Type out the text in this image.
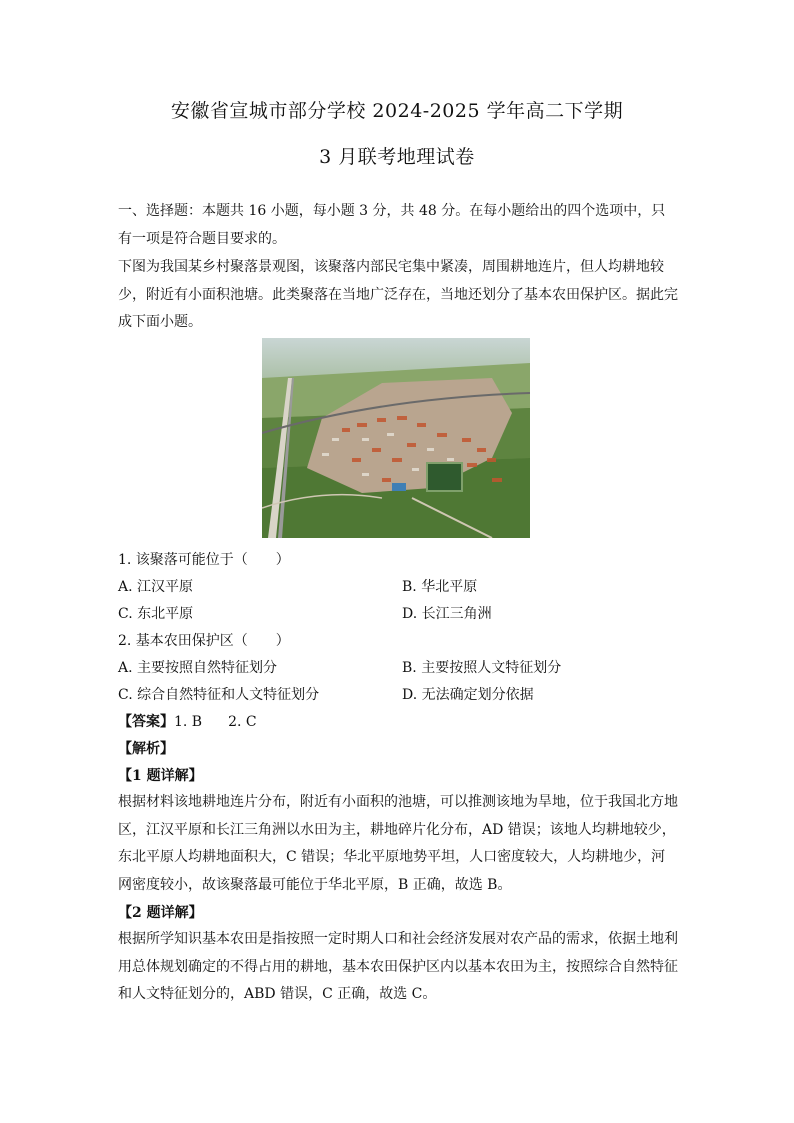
安徽省宣城市部分学校 2024-2025 学年高二下学期
3 月联考地理试卷
一、选择题：本题共 16 小题，每小题 3 分，共 48 分。在每小题给出的四个选项中，只有一项是符合题目要求的。
下图为我国某乡村聚落景观图，该聚落内部民宅集中紧凑，周围耕地连片，但人均耕地较少，附近有小面积池塘。此类聚落在当地广泛存在，当地还划分了基本农田保护区。据此完成下面小题。
1. 该聚落可能位于（　　）
A. 江汉平原	B. 华北平原
C. 东北平原	D. 长江三角洲
2. 基本农田保护区（　　）
A. 主要按照自然特征划分	B. 主要按照人文特征划分
C. 综合自然特征和人文特征划分	D. 无法确定划分依据
【答案】1. B 2. C
【解析】
【1 题详解】
根据材料该地耕地连片分布，附近有小面积的池塘，可以推测该地为旱地，位于我国北方地区，江汉平原和长江三角洲以水田为主，耕地碎片化分布，AD 错误；该地人均耕地较少，东北平原人均耕地面积大，C 错误；华北平原地势平坦，人口密度较大，人均耕地少，河网密度较小，故该聚落最可能位于华北平原，B 正确，故选 B。
【2 题详解】
根据所学知识基本农田是指按照一定时期人口和社会经济发展对农产品的需求，依据土地利用总体规划确定的不得占用的耕地，基本农田保护区内以基本农田为主，按照综合自然特征和人文特征划分的，ABD 错误，C 正确，故选 C。
